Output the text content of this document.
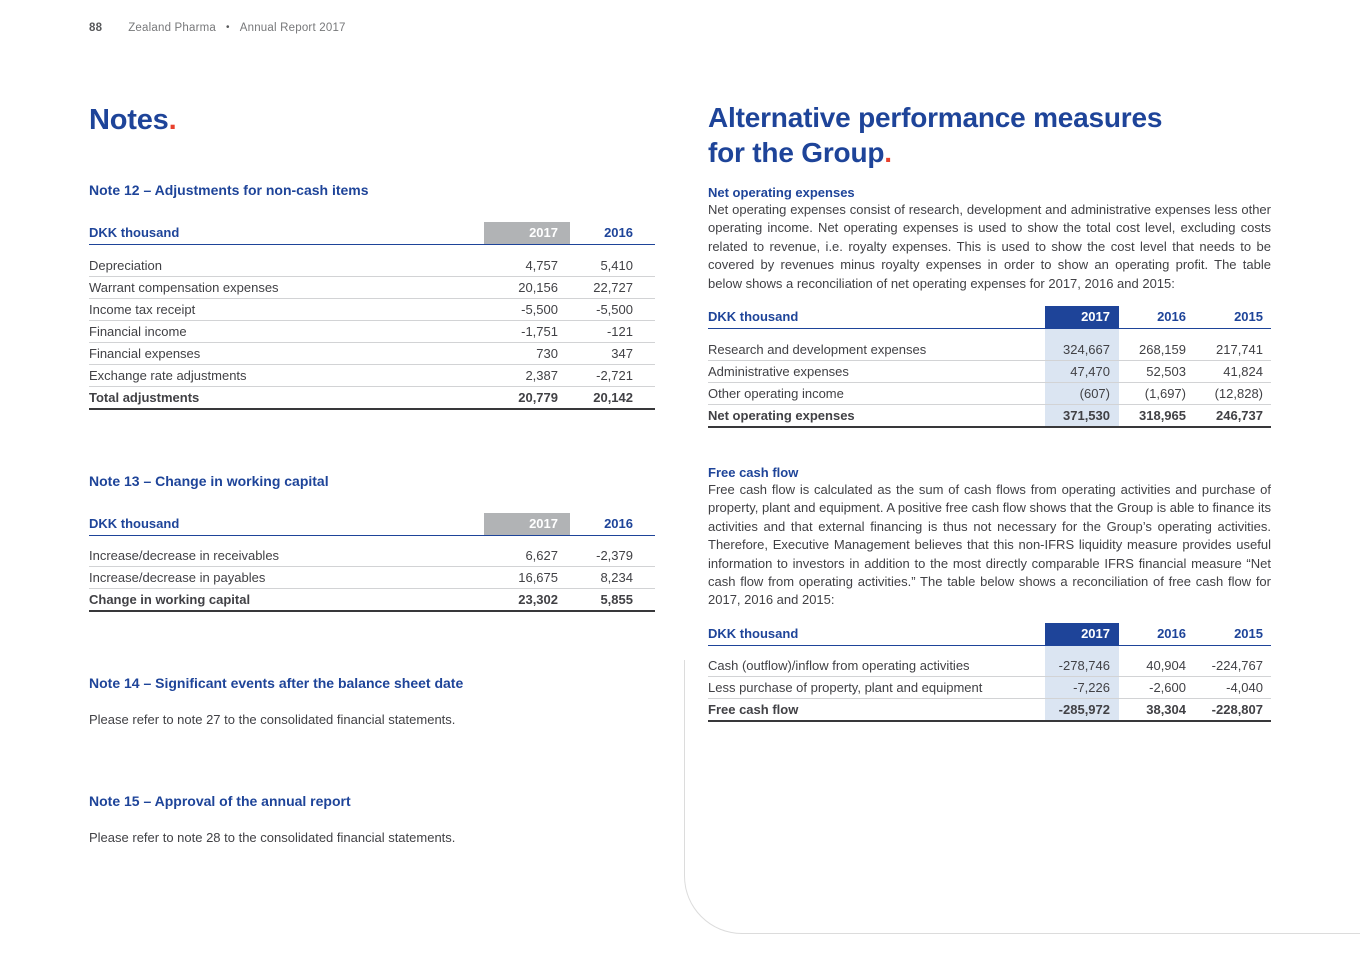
88 Zealand Pharma • Annual Report 2017
Notes.
Note 12 – Adjustments for non-cash items
DKK thousand	2017	2016

Depreciation	4,757	5,410
Warrant compensation expenses	20,156	22,727
Income tax receipt	-5,500	-5,500
Financial income	-1,751	-121
Financial expenses	730	347
Exchange rate adjustments	2,387	-2,721
Total adjustments	20,779	20,142
Note 13 – Change in working capital
DKK thousand	2017	2016

Increase/decrease in receivables	6,627	-2,379
Increase/decrease in payables	16,675	8,234
Change in working capital	23,302	5,855
Note 14 – Significant events after the balance sheet date

Please refer to note 27 to the consolidated financial statements.

Note 15 – Approval of the annual report

Please refer to note 28 to the consolidated financial statements.

Alternative performance measures
for the Group.
Net operating expenses

Net operating expenses consist of research, development and administrative expenses less other operating income. Net operating expenses is used to show the total cost level, excluding costs related to revenue, i.e. royalty expenses. This is used to show the cost level that needs to be covered by revenues minus royalty expenses in order to show an operating profit. The table below shows a reconciliation of net operating expenses for 2017, 2016 and 2015:

DKK thousand	2017	2016	2015

Research and development expenses	324,667	268,159	217,741
Administrative expenses	47,470	52,503	41,824
Other operating income	(607)	(1,697)	(12,828)
Net operating expenses	371,530	318,965	246,737
Free cash flow

Free cash flow is calculated as the sum of cash flows from operating activities and purchase of property, plant and equipment. A positive free cash flow shows that the Group is able to finance its activities and that external financing is thus not necessary for the Group’s operating activities. Therefore, Executive Management believes that this non-IFRS liquidity measure provides useful information to investors in addition to the most directly comparable IFRS financial measure “Net cash flow from operating activities.” The table below shows a reconciliation of free cash flow for 2017, 2016 and 2015:

DKK thousand	2017	2016	2015

Cash (outflow)/inflow from operating activities	-278,746	40,904	-224,767
Less purchase of property, plant and equipment	-7,226	-2,600	-4,040
Free cash flow	-285,972	38,304	-228,807
